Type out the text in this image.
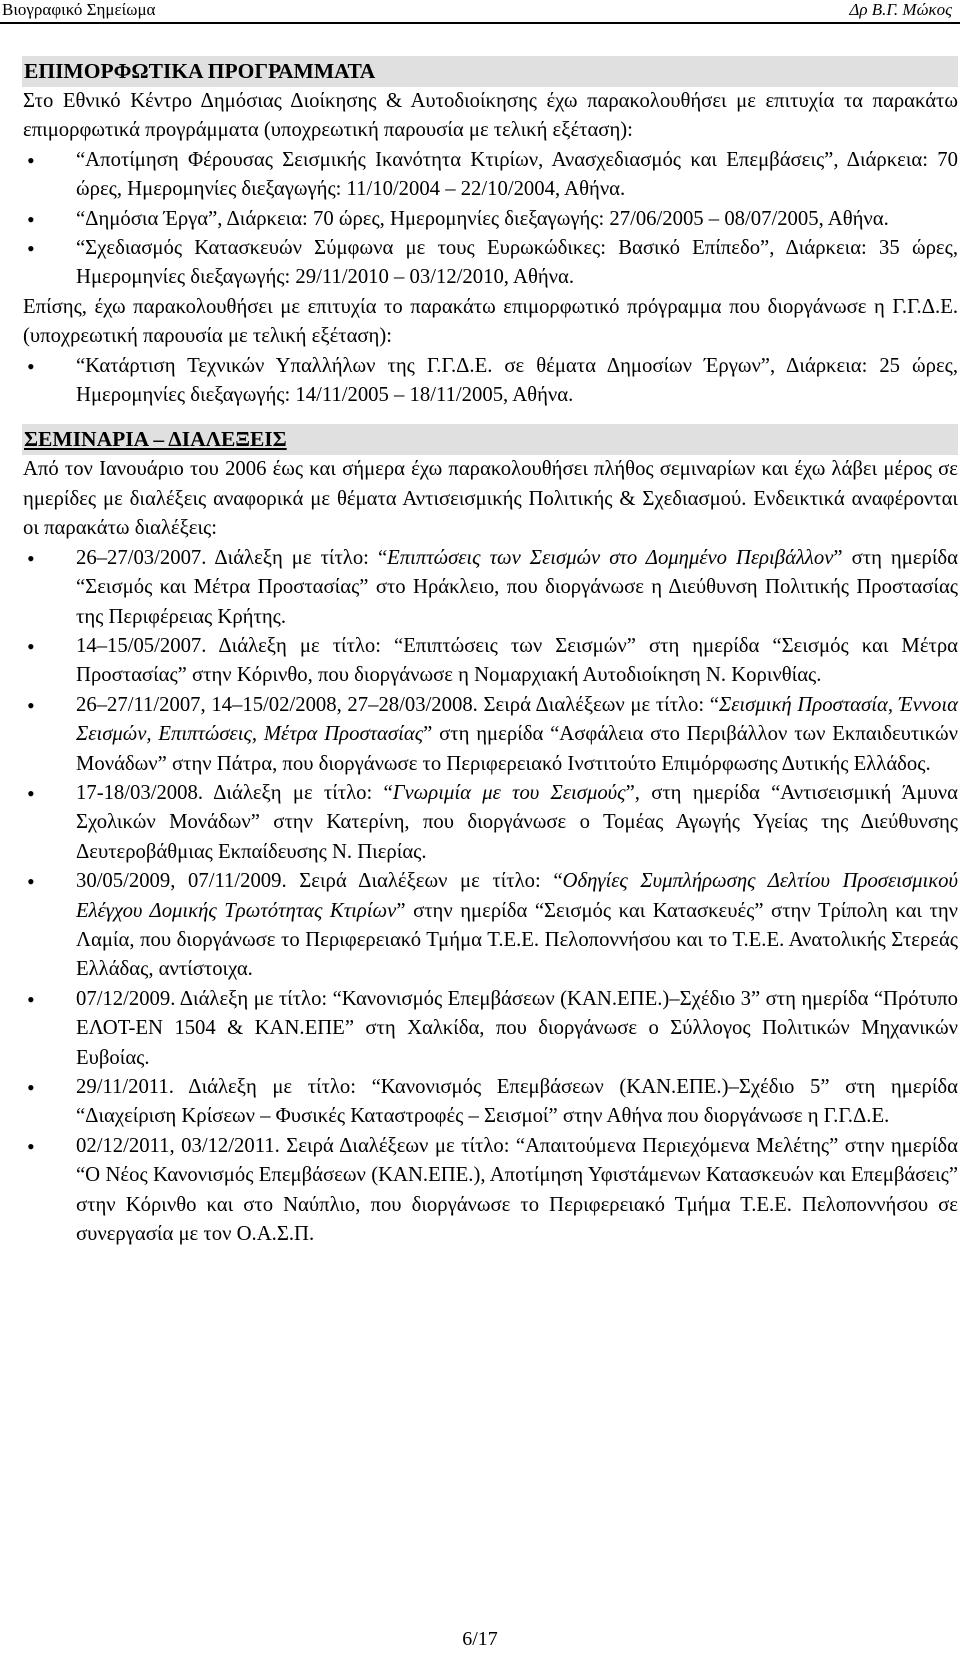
Βιογραφικό Σημείωμα	Δρ Β.Γ. Μώκος
ΕΠΙΜΟΡΦΩΤΙΚΑ ΠΡΟΓΡΑΜΜΑΤΑ

Στο Εθνικό Κέντρο Δημόσιας Διοίκησης & Αυτοδιοίκησης έχω παρακολουθήσει με επιτυχία τα παρακάτω επιμορφωτικά προγράμματα (υποχρεωτική παρουσία με τελική εξέταση):

• “Αποτίμηση Φέρουσας Σεισμικής Ικανότητα Κτιρίων, Ανασχεδιασμός και Επεμβάσεις”, Διάρκεια: 70 ώρες, Ημερομηνίες διεξαγωγής: 11/10/2004 – 22/10/2004, Αθήνα.
• “Δημόσια Έργα”, Διάρκεια: 70 ώρες, Ημερομηνίες διεξαγωγής: 27/06/2005 – 08/07/2005, Αθήνα.
• “Σχεδιασμός Κατασκευών Σύμφωνα με τους Ευρωκώδικες: Βασικό Επίπεδο”, Διάρκεια: 35 ώρες, Ημερομηνίες διεξαγωγής: 29/11/2010 – 03/12/2010, Αθήνα.

Επίσης, έχω παρακολουθήσει με επιτυχία το παρακάτω επιμορφωτικό πρόγραμμα που διοργάνωσε η Γ.Γ.Δ.Ε. (υποχρεωτική παρουσία με τελική εξέταση):

• “Κατάρτιση Τεχνικών Υπαλλήλων της Γ.Γ.Δ.Ε. σε θέματα Δημοσίων Έργων”, Διάρκεια: 25 ώρες, Ημερομηνίες διεξαγωγής: 14/11/2005 – 18/11/2005, Αθήνα.
ΣΕΜΙΝΑΡΙΑ – ΔΙΑΛΕΞΕΙΣ

Από τον Ιανουάριο του 2006 έως και σήμερα έχω παρακολουθήσει πλήθος σεμιναρίων και έχω λάβει μέρος σε ημερίδες με διαλέξεις αναφορικά με θέματα Αντισεισμικής Πολιτικής & Σχεδιασμού. Ενδεικτικά αναφέρονται οι παρακάτω διαλέξεις:

• 26–27/03/2007. Διάλεξη με τίτλο: “Επιπτώσεις των Σεισμών στο Δομημένο Περιβάλλον” στη ημερίδα “Σεισμός και Μέτρα Προστασίας” στο Ηράκλειο, που διοργάνωσε η Διεύθυνση Πολιτικής Προστασίας της Περιφέρειας Κρήτης.
• 14–15/05/2007. Διάλεξη με τίτλο: “Επιπτώσεις των Σεισμών” στη ημερίδα “Σεισμός και Μέτρα Προστασίας” στην Κόρινθο, που διοργάνωσε η Νομαρχιακή Αυτοδιοίκηση Ν. Κορινθίας.
• 26–27/11/2007, 14–15/02/2008, 27–28/03/2008. Σειρά Διαλέξεων με τίτλο: “Σεισμική Προστασία, Έννοια Σεισμών, Επιπτώσεις, Μέτρα Προστασίας” στη ημερίδα “Ασφάλεια στο Περιβάλλον των Εκπαιδευτικών Μονάδων” στην Πάτρα, που διοργάνωσε το Περιφερειακό Ινστιτούτο Επιμόρφωσης Δυτικής Ελλάδος.
• 17-18/03/2008. Διάλεξη με τίτλο: “Γνωριμία με του Σεισμούς”, στη ημερίδα “Αντισεισμική Άμυνα Σχολικών Μονάδων” στην Κατερίνη, που διοργάνωσε ο Τομέας Αγωγής Υγείας της Διεύθυνσης Δευτεροβάθμιας Εκπαίδευσης Ν. Πιερίας.
• 30/05/2009, 07/11/2009. Σειρά Διαλέξεων με τίτλο: “Οδηγίες Συμπλήρωσης Δελτίου Προσεισμικού Ελέγχου Δομικής Τρωτότητας Κτιρίων” στην ημερίδα “Σεισμός και Κατασκευές” στην Τρίπολη και την Λαμία, που διοργάνωσε το Περιφερειακό Τμήμα Τ.Ε.Ε. Πελοποννήσου και το Τ.Ε.Ε. Ανατολικής Στερεάς Ελλάδας, αντίστοιχα.
• 07/12/2009. Διάλεξη με τίτλο: “Κανονισμός Επεμβάσεων (ΚΑΝ.ΕΠΕ.)–Σχέδιο 3” στη ημερίδα “Πρότυπο ΕΛΟΤ-ΕΝ 1504 & ΚΑΝ.ΕΠΕ” στη Χαλκίδα, που διοργάνωσε ο Σύλλογος Πολιτικών Μηχανικών Ευβοίας.
• 29/11/2011. Διάλεξη με τίτλο: “Κανονισμός Επεμβάσεων (ΚΑΝ.ΕΠΕ.)–Σχέδιο 5” στη ημερίδα “Διαχείριση Κρίσεων – Φυσικές Καταστροφές – Σεισμοί” στην Αθήνα που διοργάνωσε η Γ.Γ.Δ.Ε.
• 02/12/2011, 03/12/2011. Σειρά Διαλέξεων με τίτλο: “Απαιτούμενα Περιεχόμενα Μελέτης” στην ημερίδα “Ο Νέος Κανονισμός Επεμβάσεων (ΚΑΝ.ΕΠΕ.), Αποτίμηση Υφιστάμενων Κατασκευών και Επεμβάσεις” στην Κόρινθο και στο Ναύπλιο, που διοργάνωσε το Περιφερειακό Τμήμα Τ.Ε.Ε. Πελοποννήσου σε συνεργασία με τον Ο.Α.Σ.Π.
6/17
